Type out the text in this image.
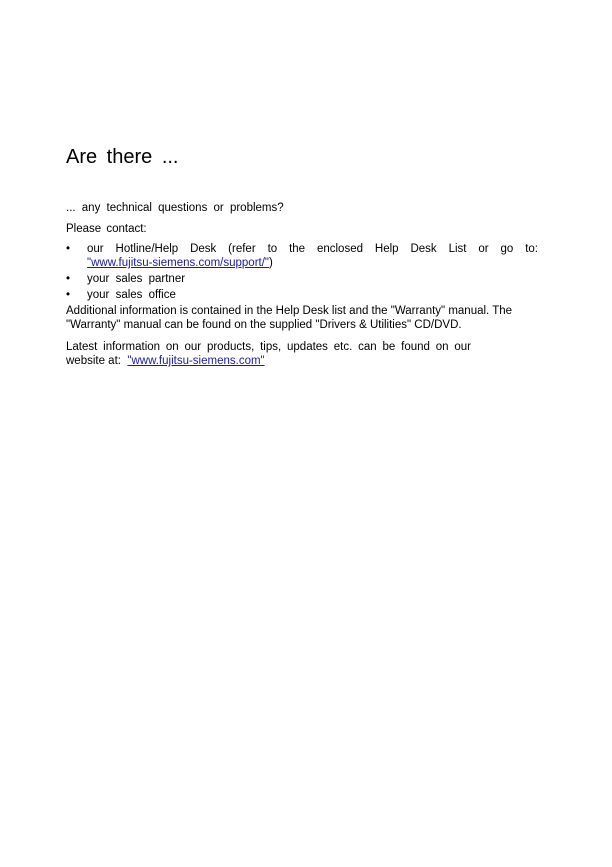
Are there ...

... any technical questions or problems?

Please contact:

• our Hotline/Help Desk (refer to the enclosed Help Desk List or go to:
"www.fujitsu-siemens.com/support/")
• your sales partner
• your sales office

Additional information is contained in the Help Desk list and the "Warranty" manual. The
"Warranty" manual can be found on the supplied "Drivers & Utilities" CD/DVD.

Latest information on our products, tips, updates etc. can be found on our
website at: "www.fujitsu-siemens.com"
